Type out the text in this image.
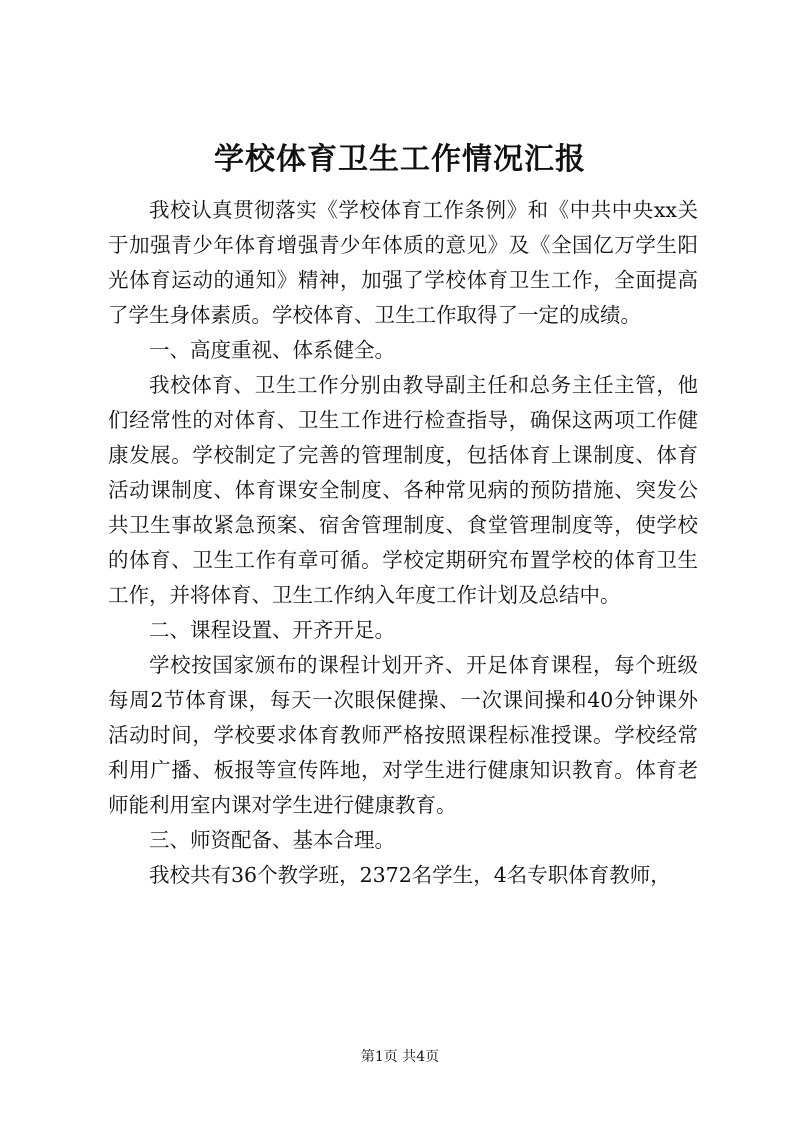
学校体育卫生工作情况汇报

我校认真贯彻落实《学校体育工作条例》和《中共中央xx关于加强青少年体育增强青少年体质的意见》及《全国亿万学生阳光体育运动的通知》精神，加强了学校体育卫生工作，全面提高了学生身体素质。学校体育、卫生工作取得了一定的成绩。

一、高度重视、体系健全。

我校体育、卫生工作分别由教导副主任和总务主任主管，他们经常性的对体育、卫生工作进行检查指导，确保这两项工作健康发展。学校制定了完善的管理制度，包括体育上课制度、体育活动课制度、体育课安全制度、各种常见病的预防措施、突发公共卫生事故紧急预案、宿舍管理制度、食堂管理制度等，使学校的体育、卫生工作有章可循。学校定期研究布置学校的体育卫生工作，并将体育、卫生工作纳入年度工作计划及总结中。

二、课程设置、开齐开足。

学校按国家颁布的课程计划开齐、开足体育课程，每个班级每周2节体育课，每天一次眼保健操、一次课间操和40分钟课外活动时间，学校要求体育教师严格按照课程标准授课。学校经常利用广播、板报等宣传阵地，对学生进行健康知识教育。体育老师能利用室内课对学生进行健康教育。

三、师资配备、基本合理。

我校共有36个教学班，2372名学生，4名专职体育教师，

第1页 共4页
